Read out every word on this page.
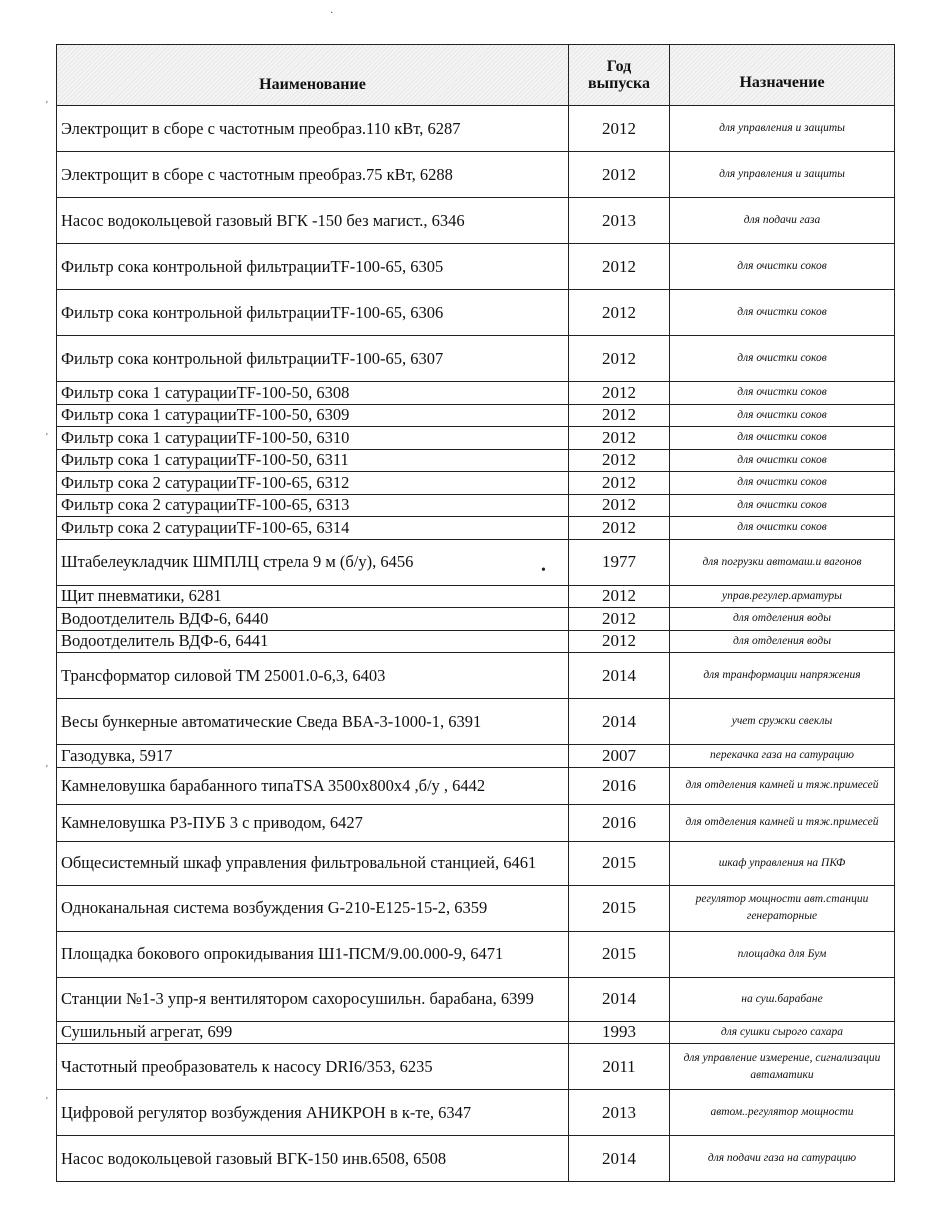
Наименование	Год выпуска	Назначение
Электрощит в сборе с частотным преобраз.110 кВт, 6287	2012	для управления и защиты
Электрощит в сборе с частотным преобраз.75 кВт, 6288	2012	для управления и защиты
Насос водокольцевой газовый ВГК -150 без магист., 6346	2013	для подачи газа
Фильтр сока контрольной фильтрацииTF-100-65, 6305	2012	для очистки соков
Фильтр сока контрольной фильтрацииTF-100-65, 6306	2012	для очистки соков
Фильтр сока контрольной фильтрацииTF-100-65, 6307	2012	для очистки соков
Фильтр сока 1 сатурацииTF-100-50, 6308	2012	для очистки соков
Фильтр сока 1 сатурацииTF-100-50, 6309	2012	для очистки соков
Фильтр сока 1 сатурацииTF-100-50, 6310	2012	для очистки соков
Фильтр сока 1 сатурацииTF-100-50, 6311	2012	для очистки соков
Фильтр сока 2 сатурацииTF-100-65, 6312	2012	для очистки соков
Фильтр сока 2 сатурацииTF-100-65, 6313	2012	для очистки соков
Фильтр сока 2 сатурацииTF-100-65, 6314	2012	для очистки соков
Штабелеукладчик ШМПЛЦ стрела 9 м (б/у), 6456	1977	для погрузки автомаш.и вагонов
Щит пневматики, 6281	2012	управ.регулер.арматуры
Водоотделитель ВДФ-6, 6440	2012	для отделения воды
Водоотделитель ВДФ-6, 6441	2012	для отделения воды
Трансформатор силовой ТМ 25001.0-6,3, 6403	2014	для транформации напряжения
Весы бункерные автоматические Сведа ВБА-3-1000-1, 6391	2014	учет сружки свеклы
Газодувка, 5917	2007	перекачка газа на сатурацию
Камнеловушка барабанного типаTSA 3500х800х4 ,б/у , 6442	2016	для отделения камней и тяж.примесей
Камнеловушка Р3-ПУБ 3 с приводом, 6427	2016	для отделения камней и тяж.примесей
Общесистемный шкаф управления фильтровальной станцией, 6461	2015	шкаф управления на ПКФ
Одноканальная система возбуждения G-210-E125-15-2, 6359	2015	регулятор мощности авт.станции генераторные
Площадка бокового опрокидывания Ш1-ПСМ/9.00.000-9, 6471	2015	площадка для Бум
Станции №1-3 упр-я вентилятором сахоросушильн. барабана, 6399	2014	на суш.барабане
Сушильный агрегат, 699	1993	для сушки сырого сахара
Частотный преобразователь к насосу DRI6/353, 6235	2011	для управление измерение, сигнализации автаматики
Цифровой регулятор возбуждения АНИКРОН в к-те, 6347	2013	автом..регулятор мощности
Насос водокольцевой газовый ВГК-150 инв.6508, 6508	2014	для подачи газа на сатурацию
·
'
'
'
'
•
